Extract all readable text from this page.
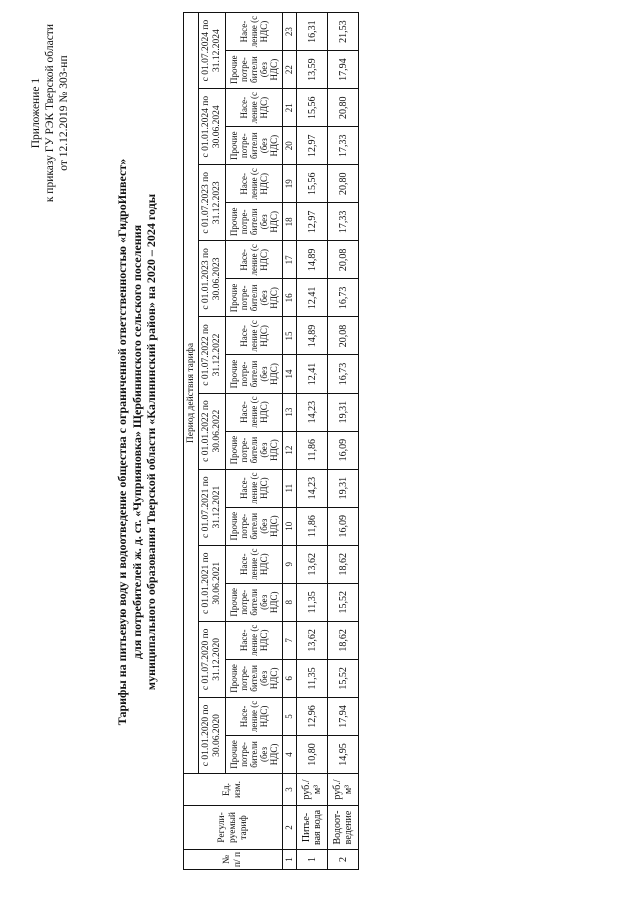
Приложение 1 к приказу ГУ РЭК Тверской области от 12.12.2019 № 303-нп
Тарифы на питьевую воду и водоотведение общества с ограниченной ответственностью «ГидроИнвест» для потребителей ж. д. ст. «Чуприяновка» Щербининского сельского поселения муниципального образования Тверской области «Калининский район» на 2020 – 2024 годы
№ п/ п	Регули-руемый тариф	Ед. изм.	Период действия тарифа																			
			с 01.01.2020 по 30.06.2020		с 01.07.2020 по 31.12.2020		с 01.01.2021 по 30.06.2021		с 01.07.2021 по 31.12.2021		с 01.01.2022 по 30.06.2022		с 01.07.2022 по 31.12.2022		с 01.01.2023 по 30.06.2023		с 01.07.2023 по 31.12.2023		с 01.01.2024 по 30.06.2024		с 01.07.2024 по 31.12.2024	
			Прочие потре-бители (без НДС)	Насе-ление (с НДС)	Прочие потре-бители (без НДС)	Насе-ление (с НДС)	Прочие потре-бители (без НДС)	Насе-ление (с НДС)	Прочие потре-бители (без НДС)	Насе-ление (с НДС)	Прочие потре-бители (без НДС)	Насе-ление (с НДС)	Прочие потре-бители (без НДС)	Насе-ление (с НДС)	Прочие потре-бители (без НДС)	Насе-ление (с НДС)	Прочие потре-бители (без НДС)	Насе-ление (с НДС)	Прочие потре-бители (без НДС)	Насе-ление (с НДС)	Прочие потре-бители (без НДС)	Насе-ление (с НДС)
1	2	3	4	5	6	7	8	9	10	11	12	13	14	15	16	17	18	19	20	21	22	23
1	Питье-вая вода	руб./м³	10,80	12,96	11,35	13,62	11,35	13,62	11,86	14,23	11,86	14,23	12,41	14,89	12,41	14,89	12,97	15,56	12,97	15,56	13,59	16,31
2	Водоот-ведение	руб./м³	14,95	17,94	15,52	18,62	15,52	18,62	16,09	19,31	16,09	19,31	16,73	20,08	16,73	20,08	17,33	20,80	17,33	20,80	17,94	21,53
